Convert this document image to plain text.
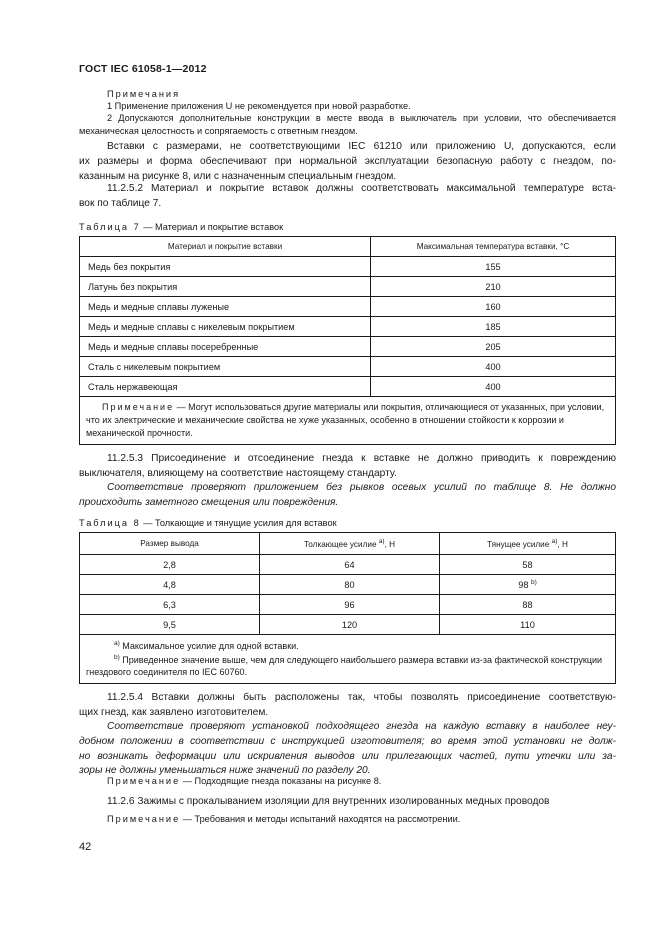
ГОСТ IEC 61058-1—2012
Примечания
1 Применение приложения U не рекомендуется при новой разработке.
2 Допускаются дополнительные конструкции в месте ввода в выключатель при условии, что обеспечивается механическая целостность и сопрягаемость с ответным гнездом.
Вставки с размерами, не соответствующими IEC 61210 или приложению U, допускаются, если
их размеры и форма обеспечивают при нормальной эксплуатации безопасную работу с гнездом, по-
казанным на рисунке 8, или с назначенным специальным гнездом.
11.2.5.2 Материал и покрытие вставок должны соответствовать максимальной температуре вста-
вок по таблице 7.
Таблица 7 — Материал и покрытие вставок
Материал и покрытие вставки	Максимальная температура вставки, °С
Медь без покрытия	155
Латунь без покрытия	210
Медь и медные сплавы луженые	160
Медь и медные сплавы с никелевым покрытием	185
Медь и медные сплавы посеребренные	205
Сталь с никелевым покрытием	400
Сталь нержавеющая	400
Примечание — Могут использоваться другие материалы или покрытия, отличающиеся от указанных, при условии, что их электрические и механические свойства не хуже указанных, особенно в отношении стойкости к коррозии и механической прочности.	
11.2.5.3 Присоединение и отсоединение гнезда к вставке не должно приводить к повреждению
выключателя, влияющему на соответствие настоящему стандарту.
Соответствие проверяют приложением без рывков осевых усилий по таблице 8. Не должно
происходить заметного смещения или повреждения.
Таблица 8 — Толкающие и тянущие усилия для вставок
Размер вывода	Толкающее усилие $^{a)}$, Н	Тянущее усилие $^{a)}$, Н
2,8	64	58
4,8	80	98 $^{b)}$
6,3	96	88
9,5	120	110

$^{a)}$ Максимальное усилие для одной вставки.
$^{b)}$ Приведенное значение выше, чем для следующего наибольшего размера вставки из-за фактической конструкции гнездового соединителя по IEC 60760.		
11.2.5.4 Вставки должны быть расположены так, чтобы позволять присоединение соответствую-
щих гнезд, как заявлено изготовителем.
Соответствие проверяют установкой подходящего гнезда на каждую вставку в наиболее неу-
добном положении в соответствии с инструкцией изготовителя; во время этой установки не долж-
но возникать деформации или искривления выводов или прилегающих частей, пути утечки или за-
зоры не должны уменьшаться ниже значений по разделу 20.
Примечание — Подходящие гнезда показаны на рисунке 8.
11.2.6 Зажимы с прокалыванием изоляции для внутренних изолированных медных проводов
Примечание — Требования и методы испытаний находятся на рассмотрении.
42
